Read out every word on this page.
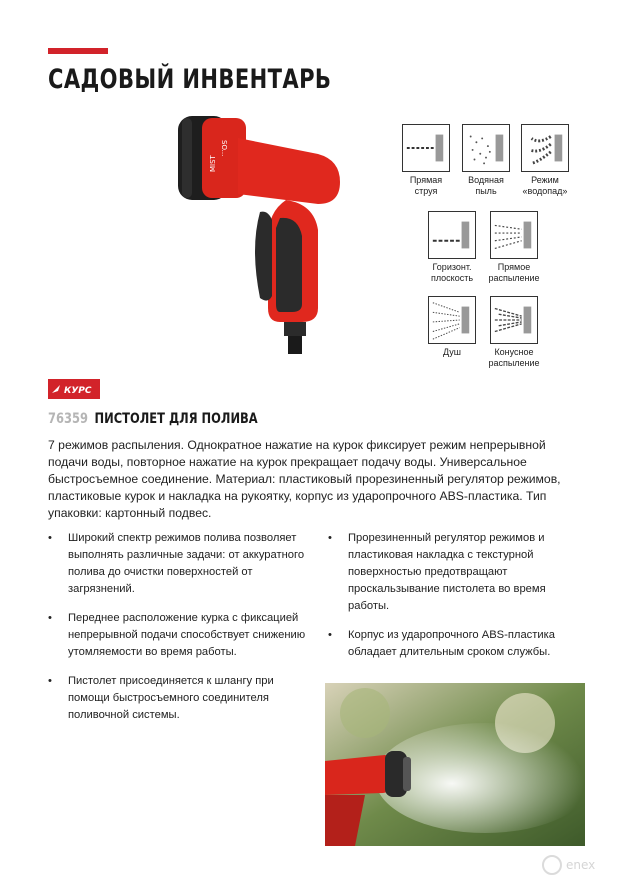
САДОВЫЙ ИНВЕНТАРЬ
MIST
SO...
Прямая
струя
Водяная
пыль
Режим
«водопад»
Горизонт.
плоскость
Прямое
распыление
Душ	Конусное
распыление
КУРС
76359 ПИСТОЛЕТ ДЛЯ ПОЛИВА
7 режимов распыления. Однократное нажатие на курок фиксирует режим непрерывной подачи воды, повторное нажатие на курок прекращает подачу воды. Универсальное быстросъемное соединение. Материал: пластиковый прорезиненный регулятор режимов, пластиковые курок и накладка на рукоятку, корпус из ударопрочного ABS-пластика. Тип упаковки: картонный подвес.
• Широкий спектр режимов полива позволяет выполнять различные задачи: от аккуратного полива до очистки поверхностей от загрязнений.
• Переднее расположение курка с фиксацией непрерывной подачи способствует снижению утомляемости во время работы.
• Пистолет присоединяется к шлангу при помощи быстросъемного соединителя поливочной системы.
• Прорезиненный регулятор режимов и пластиковая накладка с текстурной поверхностью предотвращают проскальзывание пистолета во время работы.
• Корпус из ударопрочного ABS-пластика обладает длительным сроком службы.
enex
